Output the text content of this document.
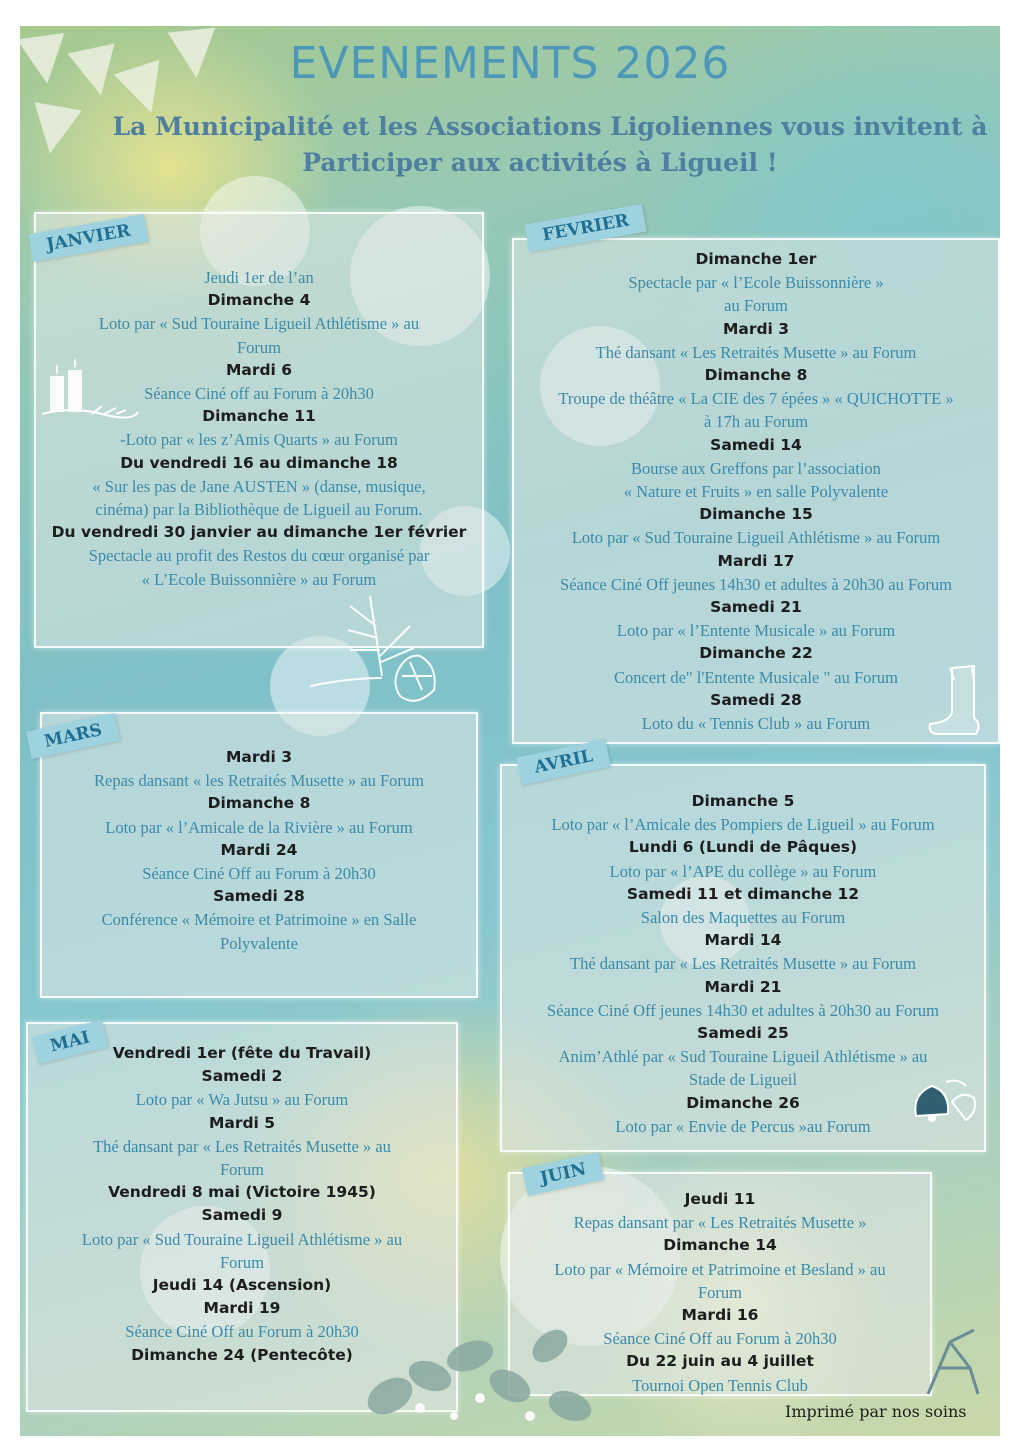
EVENEMENTS 2026

La Municipalité et les Associations Ligoliennes vous invitent à

Participer aux activités à Ligueil !

Jeudi 1er de l’an
Dimanche 4
Loto par « Sud Touraine Ligueil Athlétisme » au
Forum
Mardi 6
Séance Ciné off au Forum à 20h30
Dimanche 11
-Loto par « les z’Amis Quarts » au Forum
Du vendredi 16 au dimanche 18
« Sur les pas de Jane AUSTEN » (danse, musique,
cinéma) par la Bibliothèque de Ligueil au Forum.
Du vendredi 30 janvier au dimanche 1er février
Spectacle au profit des Restos du cœur organisé par
« L’Ecole Buissonnière » au Forum
JANVIER
Dimanche 1er
Spectacle par « l’Ecole Buissonnière »
au Forum
Mardi 3
Thé dansant « Les Retraités Musette » au Forum
Dimanche 8
Troupe de théâtre « La CIE des 7 épées » « QUICHOTTE »
à 17h au Forum
Samedi 14
Bourse aux Greffons par l’association
« Nature et Fruits » en salle Polyvalente
Dimanche 15
Loto par « Sud Touraine Ligueil Athlétisme » au Forum
Mardi 17
Séance Ciné Off jeunes 14h30 et adultes à 20h30 au Forum
Samedi 21
Loto par « l’Entente Musicale » au Forum
Dimanche 22
Concert de" l'Entente Musicale " au Forum
Samedi 28
Loto du « Tennis Club » au Forum
FEVRIER
Mardi 3
Repas dansant « les Retraités Musette » au Forum
Dimanche 8
Loto par « l’Amicale de la Rivière » au Forum
Mardi 24
Séance Ciné Off au Forum à 20h30
Samedi 28
Conférence « Mémoire et Patrimoine » en Salle
Polyvalente
MARS
Dimanche 5
Loto par « l’Amicale des Pompiers de Ligueil » au Forum
Lundi 6 (Lundi de Pâques)
Loto par « l’APE du collège » au Forum
Samedi 11 et dimanche 12
Salon des Maquettes au Forum
Mardi 14
Thé dansant par « Les Retraités Musette » au Forum
Mardi 21
Séance Ciné Off jeunes 14h30 et adultes à 20h30 au Forum
Samedi 25
Anim’Athlé par « Sud Touraine Ligueil Athlétisme » au
Stade de Ligueil
Dimanche 26
Loto par « Envie de Percus »au Forum
AVRIL
Vendredi 1er (fête du Travail)
Samedi 2
Loto par « Wa Jutsu » au Forum
Mardi 5
Thé dansant par « Les Retraités Musette » au
Forum
Vendredi 8 mai (Victoire 1945)
Samedi 9
Loto par « Sud Touraine Ligueil Athlétisme » au
Forum
Jeudi 14 (Ascension)
Mardi 19
Séance Ciné Off au Forum à 20h30
Dimanche 24 (Pentecôte)
MAI
Jeudi 11
Repas dansant par « Les Retraités Musette »
Dimanche 14
Loto par « Mémoire et Patrimoine et Besland » au
Forum
Mardi 16
Séance Ciné Off au Forum à 20h30
Du 22 juin au 4 juillet
Tournoi Open Tennis Club
JUIN
Imprimé par nos soins
